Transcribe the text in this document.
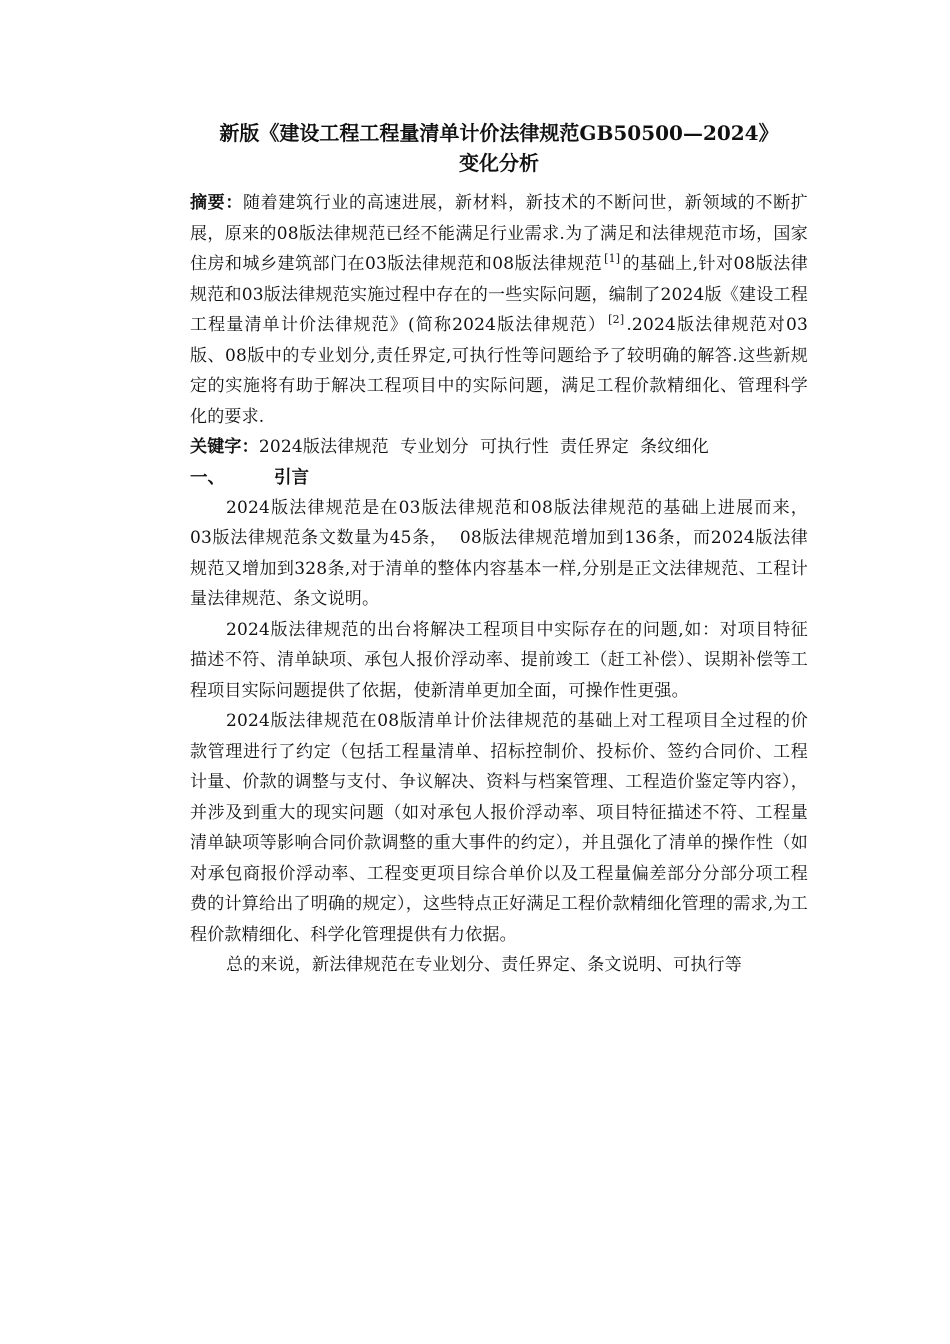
新版《建设工程工程量清单计价法律规范GB50500—2024》
变化分析

摘要：随着建筑行业的高速进展，新材料，新技术的不断问世，新领域的不断扩展，原来的08版法律规范已经不能满足行业需求.为了满足和法律规范市场，国家住房和城乡建筑部门在03版法律规范和08版法律规范 [1] 的基础上,针对08版法律规范和03版法律规范实施过程中存在的一些实际问题，编制了2024版《建设工程工程量清单计价法律规范》(简称2024版法律规范） [2] .2024版法律规范对03版、08版中的专业划分,责任界定,可执行性等问题给予了较明确的解答.这些新规定的实施将有助于解决工程项目中的实际问题，满足工程价款精细化、管理科学化的要求.

关键字：2024版法律规范  专业划分  可执行性  责任界定  条纹细化

一、	引言

2024版法律规范是在03版法律规范和08版法律规范的基础上进展而来，  03版法律规范条文数量为45条，  08版法律规范增加到136条，而2024版法律规范又增加到328条,对于清单的整体内容基本一样,分别是正文法律规范、工程计量法律规范、条文说明。

2024版法律规范的出台将解决工程项目中实际存在的问题,如：对项目特征描述不符、清单缺项、承包人报价浮动率、提前竣工（赶工补偿）、误期补偿等工程项目实际问题提供了依据，使新清单更加全面，可操作性更强。

2024版法律规范在08版清单计价法律规范的基础上对工程项目全过程的价款管理进行了约定（包括工程量清单、招标控制价、投标价、签约合同价、工程计量、价款的调整与支付、争议解决、资料与档案管理、工程造价鉴定等内容），并涉及到重大的现实问题（如对承包人报价浮动率、项目特征描述不符、工程量清单缺项等影响合同价款调整的重大事件的约定），并且强化了清单的操作性（如对承包商报价浮动率、工程变更项目综合单价以及工程量偏差部分分部分项工程费的计算给出了明确的规定），这些特点正好满足工程价款精细化管理的需求,为工程价款精细化、科学化管理提供有力依据。

总的来说，新法律规范在专业划分、责任界定、条文说明、可执行等
